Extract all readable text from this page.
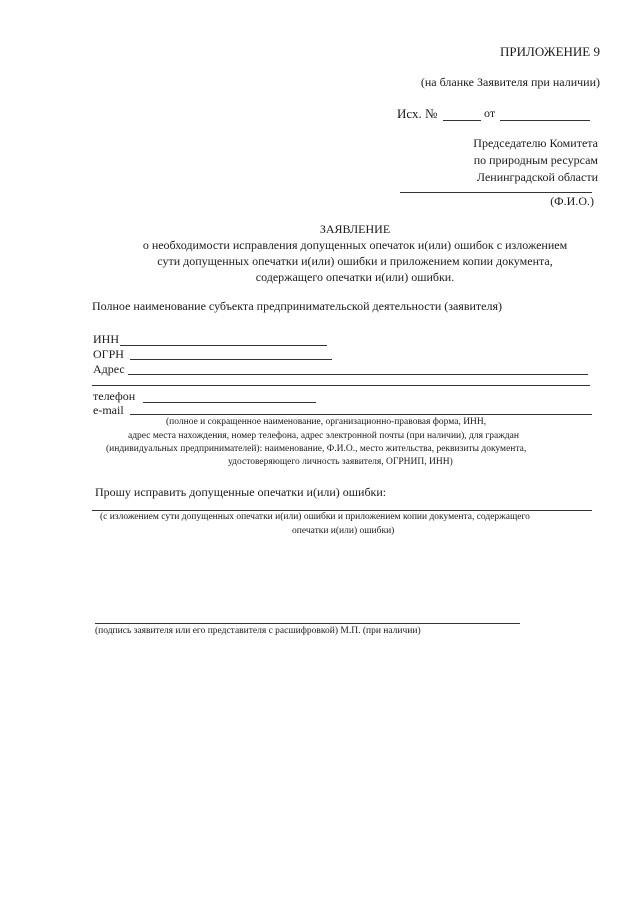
ПРИЛОЖЕНИЕ 9
(на бланке Заявителя при наличии)
Исх. №	от
Председателю Комитета
по природным ресурсам
Ленинградской области
(Ф.И.О.)
ЗАЯВЛЕНИЕ
о необходимости исправления допущенных опечаток и(или) ошибок с изложением
сути допущенных опечатки и(или) ошибки и приложением копии документа,
содержащего опечатки и(или) ошибки.
Полное наименование субъекта предпринимательской деятельности (заявителя)
ИНН
ОГРН
Адрес
телефон
e-mail
(полное и сокращенное наименование, организационно-правовая форма, ИНН,
адрес места нахождения, номер телефона, адрес электронной почты (при наличии), для граждан
(индивидуальных предпринимателей): наименование, Ф.И.О., место жительства, реквизиты документа,
удостоверяющего личность заявителя, ОГРНИП, ИНН)
Прошу исправить допущенные опечатки и(или) ошибки:
(с изложением сути допущенных опечатки и(или) ошибки и приложением копии документа, содержащего
опечатки и(или) ошибки)
(подпись заявителя или его представителя с расшифровкой) М.П. (при наличии)
